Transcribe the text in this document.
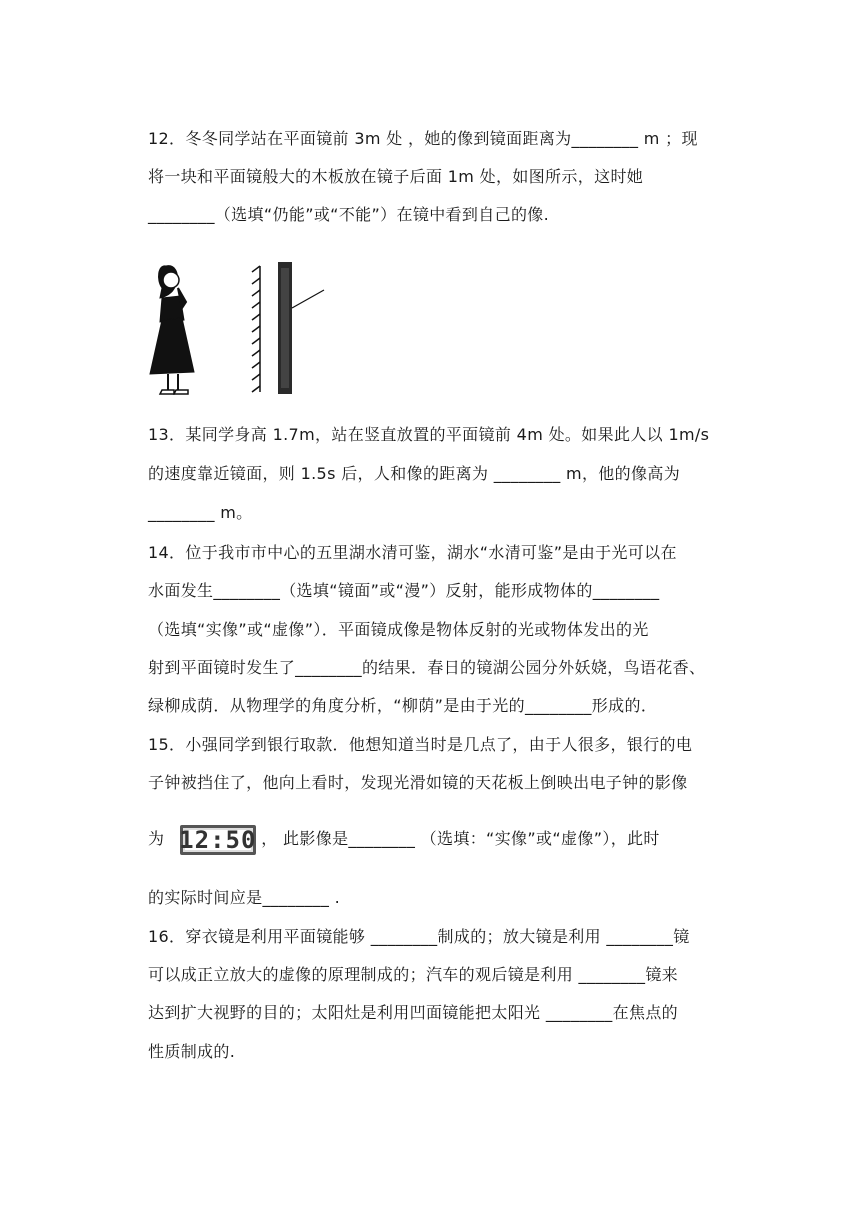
12．冬冬同学站在平面镜前 3m 处 ，她的像到镜面距离为________ m ；现
将一块和平面镜般大的木板放在镜子后面 1m 处，如图所示，这时她
________（选填“仍能”或“不能”）在镜中看到自己的像.
13．某同学身高 1.7m，站在竖直放置的平面镜前 4m 处。如果此人以 1m/s
的速度靠近镜面，则 1.5s 后，人和像的距离为 ________ m，他的像高为
________ m。
14．位于我市市中心的五里湖水清可鉴，湖水“水清可鉴”是由于光可以在
水面发生________（选填“镜面”或“漫”）反射，能形成物体的________
（选填“实像”或“虚像”）．平面镜成像是物体反射的光或物体发出的光
射到平面镜时发生了________的结果．春日的镜湖公园分外妖娆，鸟语花香、
绿柳成荫．从物理学的角度分析，“柳荫”是由于光的________形成的．
15．小强同学到银行取款．他想知道当时是几点了，由于人很多，银行的电
子钟被挡住了，他向上看时，发现光滑如镜的天花板上倒映出电子钟的影像
为 12:50 ， 此影像是________ （选填：“实像”或“虚像”），此时
的实际时间应是________ .
16．穿衣镜是利用平面镜能够 ________制成的；放大镜是利用 ________镜
可以成正立放大的虚像的原理制成的；汽车的观后镜是利用 ________镜来
达到扩大视野的目的；太阳灶是利用凹面镜能把太阳光 ________在焦点的
性质制成的.
